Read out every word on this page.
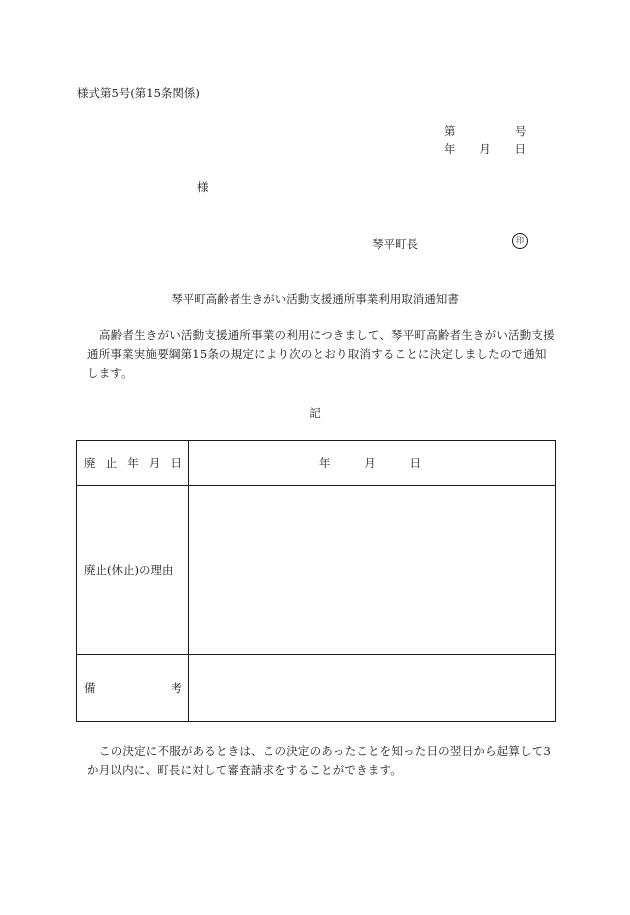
様式第5号(第15条関係)
第	号
年 月 日
様
琴平町長	印
琴平町高齢者生きがい活動支援通所事業利用取消通知書
高齢者生きがい活動支援通所事業の利用につきまして、琴平町高齢者生きがい活動支援通所事業実施要綱第15条の規定により次のとおり取消することに決定しましたので通知します。
記
廃 止 年 月 日	年 月 日

廃止(休止)の理由	

備 考	

この決定に不服があるときは、この決定のあったことを知った日の翌日から起算して3か月以内に、町長に対して審査請求をすることができます。
